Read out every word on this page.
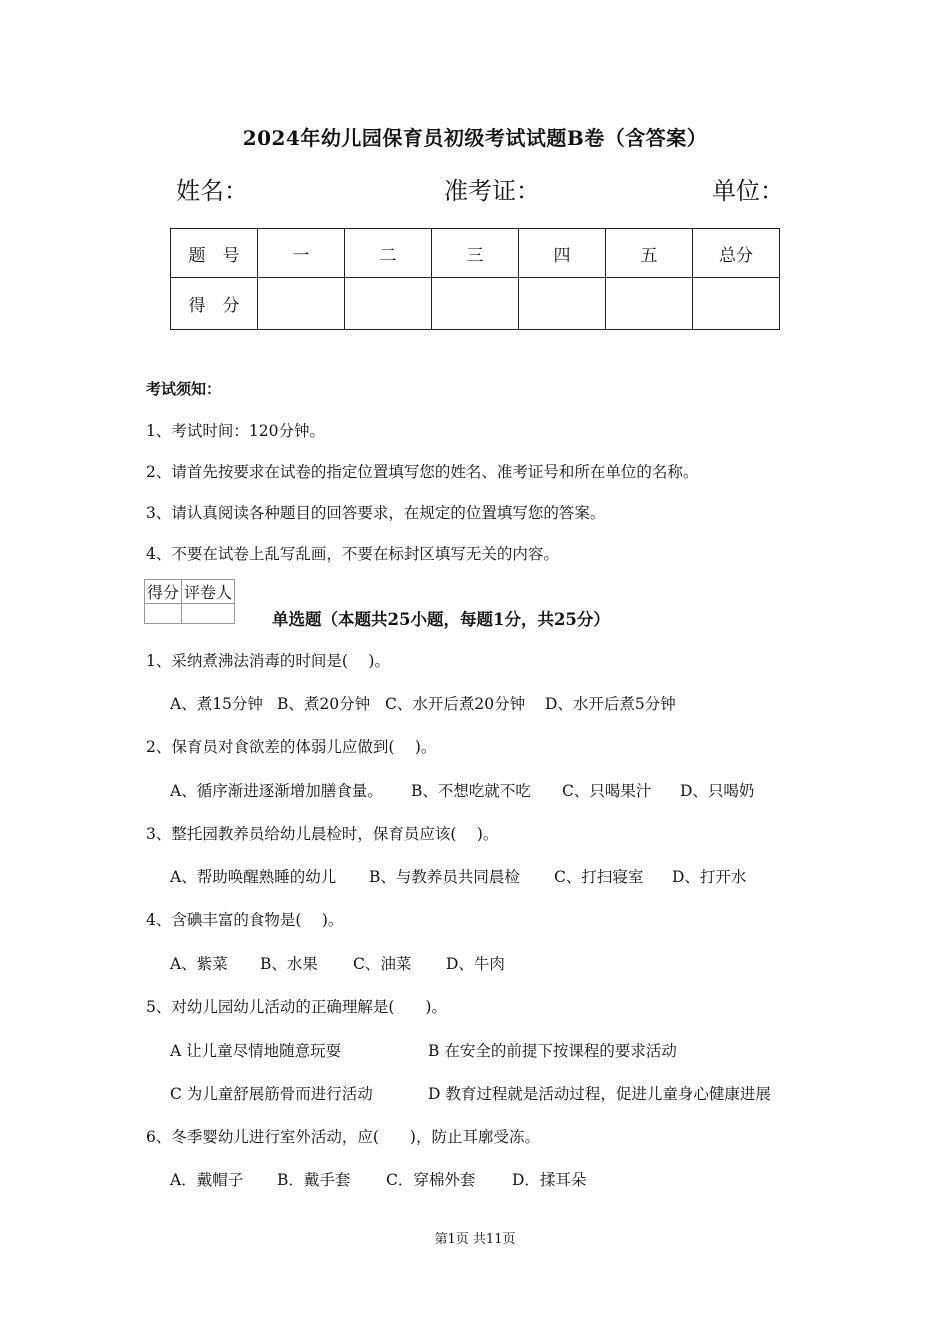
2024年幼儿园保育员初级考试试题B卷（含答案）
姓名：	准考证：	单位：
题　号	一	二	三	四	五	总分
得　分						
考试须知：
1、考试时间：120分钟。
2、请首先按要求在试卷的指定位置填写您的姓名、准考证号和所在单位的名称。
3、请认真阅读各种题目的回答要求，在规定的位置填写您的答案。
4、不要在试卷上乱写乱画，不要在标封区填写无关的内容。
得分	评卷人

单选题（本题共25小题，每题1分，共25分）
1、采纳煮沸法消毒的时间是(　 )。
A、煮15分钟 B、煮20分钟 C、水开后煮20分钟 D、水开后煮5分钟
2、保育员对食欲差的体弱儿应做到(　 )。
A、循序渐进逐渐增加膳食量。 B、不想吃就不吃 C、只喝果汁 D、只喝奶
3、整托园教养员给幼儿晨检时，保育员应该(　 )。
A、帮助唤醒熟睡的幼儿 B、与教养员共同晨检 C、打扫寝室 D、打开水
4、含碘丰富的食物是(　 )。
A、紫菜 B、水果 C、油菜 D、牛肉
5、对幼儿园幼儿活动的正确理解是(　　)。
A 让儿童尽情地随意玩耍	B 在安全的前提下按课程的要求活动
C 为儿童舒展筋骨而进行活动	D 教育过程就是活动过程，促进儿童身心健康进展
6、冬季婴幼儿进行室外活动，应(　　)，防止耳廓受冻。
A．戴帽子 B．戴手套 C．穿棉外套 D．揉耳朵
第1页 共11页
